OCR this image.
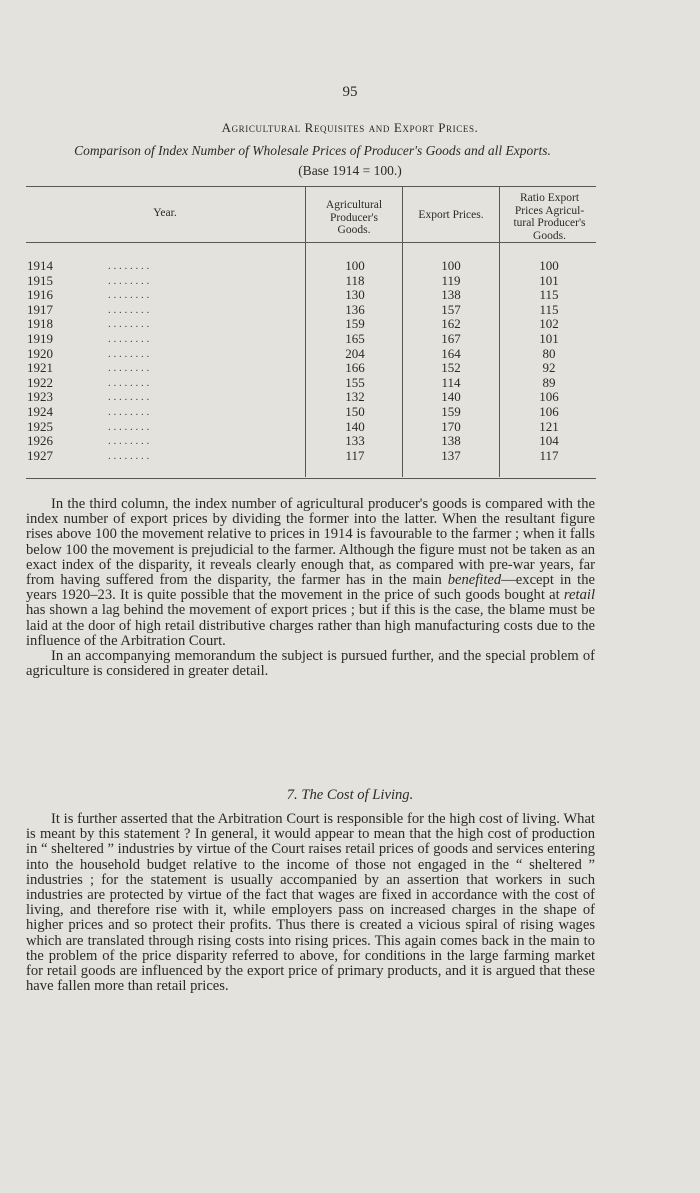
95
Agricultural Requisites and Export Prices.
Comparison of Index Number of Wholesale Prices of Producer's Goods and all Exports.
(Base 1914 = 100.)
Year.
Agricultural
Producer's
Goods.
Export Prices.
Ratio Export
Prices Agricul-
tural Producer's
Goods.
1914	. . . . . . . .	100	100	100
1915	. . . . . . . .	118	119	101
1916	. . . . . . . .	130	138	115
1917	. . . . . . . .	136	157	115
1918	. . . . . . . .	159	162	102
1919	. . . . . . . .	165	167	101
1920	. . . . . . . .	204	164	80
1921	. . . . . . . .	166	152	92
1922	. . . . . . . .	155	114	89
1923	. . . . . . . .	132	140	106
1924	. . . . . . . .	150	159	106
1925	. . . . . . . .	140	170	121
1926	. . . . . . . .	133	138	104
1927	. . . . . . . .	117	137	117

In the third column, the index number of agricultural producer's goods is compared with the index number of export prices by dividing the former into the latter. When the resultant figure rises above 100 the movement relative to prices in 1914 is favourable to the farmer ; when it falls below 100 the movement is prejudicial to the farmer. Although the figure must not be taken as an exact index of the disparity, it reveals clearly enough that, as compared with pre-war years, far from having suffered from the disparity, the farmer has in the main benefited—except in the years 1920–23. It is quite possible that the movement in the price of such goods bought at retail has shown a lag behind the movement of export prices ; but if this is the case, the blame must be laid at the door of high retail distributive charges rather than high manufacturing costs due to the influence of the Arbitration Court.

In an accompanying memorandum the subject is pursued further, and the special problem of agriculture is considered in greater detail.

7. The Cost of Living.

It is further asserted that the Arbitration Court is responsible for the high cost of living. What is meant by this statement ? In general, it would appear to mean that the high cost of production in “ sheltered ” industries by virtue of the Court raises retail prices of goods and services entering into the household budget relative to the income of those not engaged in the “ sheltered ” industries ; for the statement is usually accompanied by an assertion that workers in such industries are protected by virtue of the fact that wages are fixed in accordance with the cost of living, and therefore rise with it, while employers pass on increased charges in the shape of higher prices and so protect their profits. Thus there is created a vicious spiral of rising wages which are translated through rising costs into rising prices. This again comes back in the main to the problem of the price disparity referred to above, for conditions in the large farming market for retail goods are influenced by the export price of primary products, and it is argued that these have fallen more than retail prices.
